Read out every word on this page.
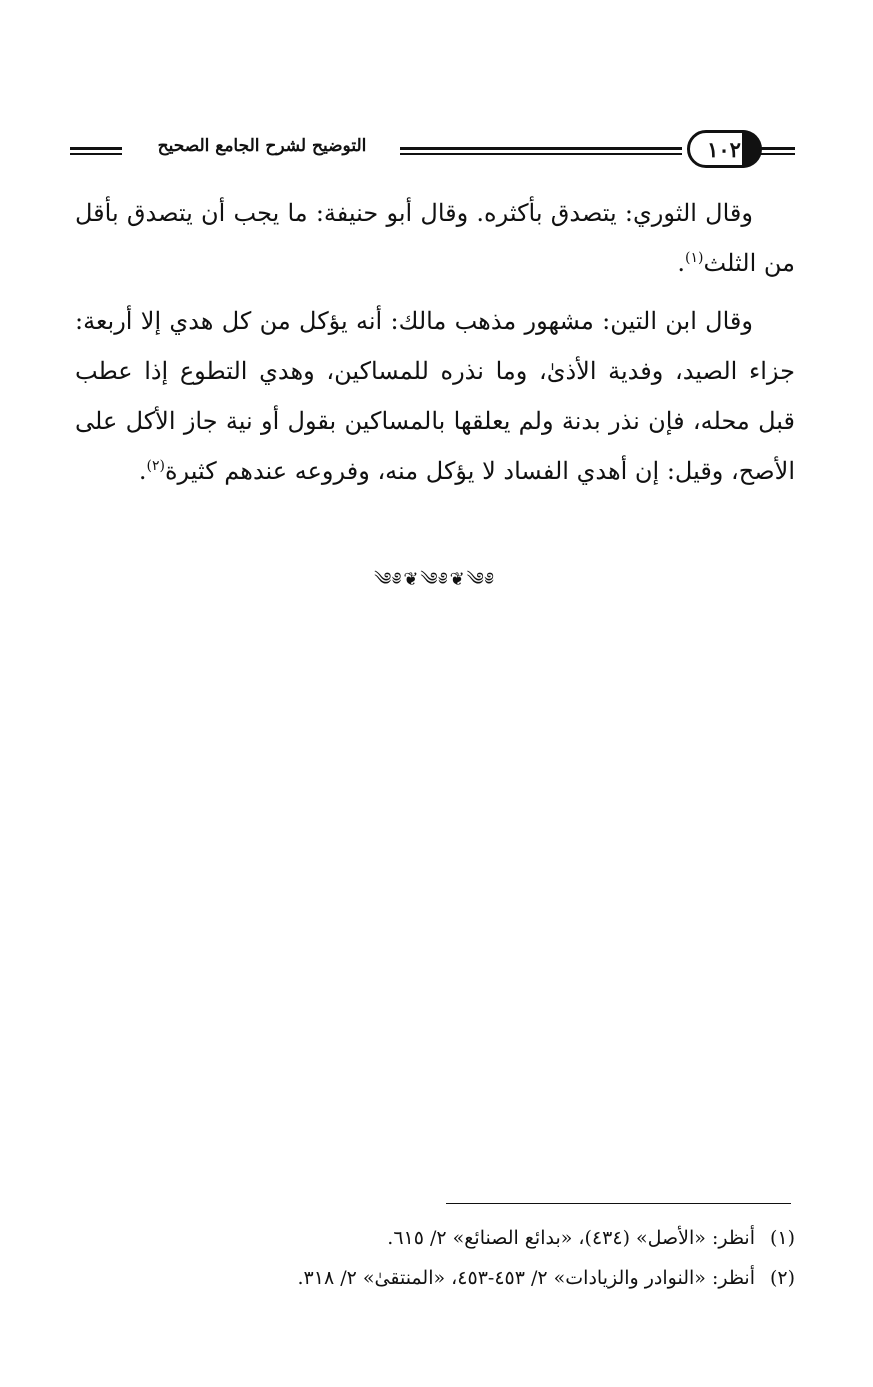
التوضيح لشرح الجامع الصحيح	١٠٢

وقال الثوري: يتصدق بأكثره. وقال أبو حنيفة: ما يجب أن يتصدق بأقل من الثلث$^{(١)}$.

وقال ابن التين: مشهور مذهب مالك: أنه يؤكل من كل هدي إلا أربعة: جزاء الصيد، وفدية الأذىٰ، وما نذره للمساكين، وهدي التطوع إذا عطب قبل محله، فإن نذر بدنة ولم يعلقها بالمساكين بقول أو نية جاز الأكل على الأصح، وقيل: إن أهدي الفساد لا يؤكل منه، وفروعه عندهم كثيرة$^{(٢)}$.

༄༅❦༄༅❦༄༅
(١)
أنظر: «الأصل» (٤٣٤)، «بدائع الصنائع» ٢/ ٦١٥.
(٢)
أنظر: «النوادر والزيادات» ٢/ ٤٥٣-٤٥٣، «المنتقىٰ» ٢/ ٣١٨.
